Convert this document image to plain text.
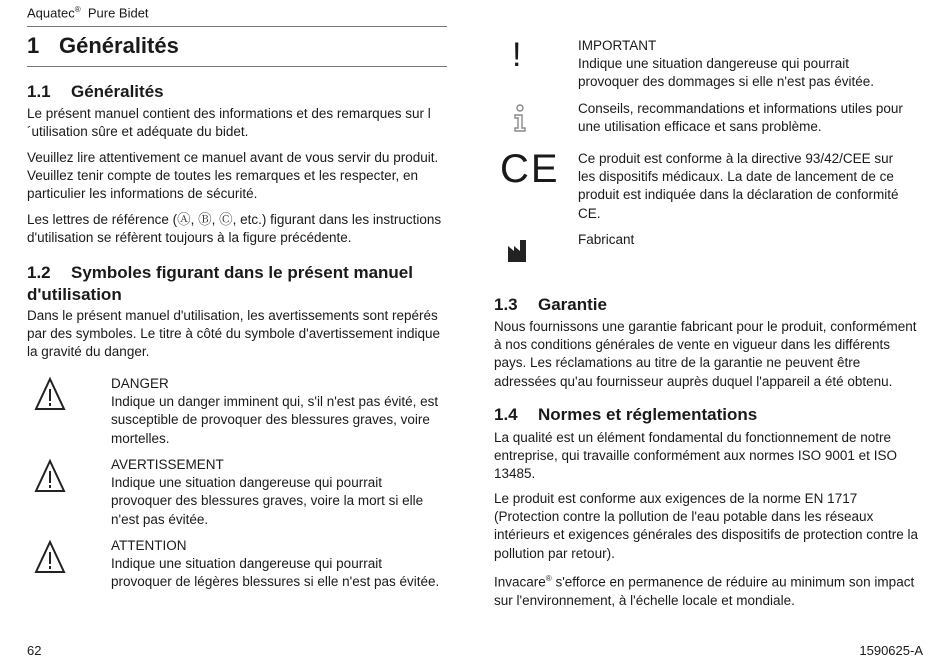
Aquatec® Pure Bidet
1 Généralités
1.1 Généralités
Le présent manuel contient des informations et des remarques sur l´utilisation sûre et adéquate du bidet.
Veuillez lire attentivement ce manuel avant de vous servir du produit. Veuillez tenir compte de toutes les remarques et les respecter, en particulier les informations de sécurité.
Les lettres de référence (Ⓐ, Ⓑ, Ⓒ, etc.) figurant dans les instructions d'utilisation se réfèrent toujours à la figure précédente.
1.2 Symboles figurant dans le présent manuel d'utilisation
Dans le présent manuel d'utilisation, les avertissements sont repérés par des symboles. Le titre à côté du symbole d'avertissement indique la gravité du danger.
DANGER
Indique un danger imminent qui, s'il n'est pas évité, est susceptible de provoquer des blessures graves, voire mortelles.
AVERTISSEMENT
Indique une situation dangereuse qui pourrait provoquer des blessures graves, voire la mort si elle n'est pas évitée.
ATTENTION
Indique une situation dangereuse qui pourrait provoquer de légères blessures si elle n'est pas évitée.
!	IMPORTANT
Indique une situation dangereuse qui pourrait provoquer des dommages si elle n'est pas évitée.
Conseils, recommandations et informations utiles pour une utilisation efficace et sans problème.
CE Ce produit est conforme à la directive 93/42/CEE sur les dispositifs médicaux. La date de lancement de ce produit est indiquée dans la déclaration de conformité CE.
Fabricant
1.3 Garantie
Nous fournissons une garantie fabricant pour le produit, conformément à nos conditions générales de vente en vigueur dans les différents pays. Les réclamations au titre de la garantie ne peuvent être adressées qu'au fournisseur auprès duquel l'appareil a été obtenu.
1.4 Normes et réglementations
La qualité est un élément fondamental du fonctionnement de notre entreprise, qui travaille conformément aux normes ISO 9001 et ISO 13485.
Le produit est conforme aux exigences de la norme EN 1717 (Protection contre la pollution de l'eau potable dans les réseaux intérieurs et exigences générales des dispositifs de protection contre la pollution par retour).
Invacare® s'efforce en permanence de réduire au minimum son impact sur l'environnement, à l'échelle locale et mondiale.
62	1590625-A
